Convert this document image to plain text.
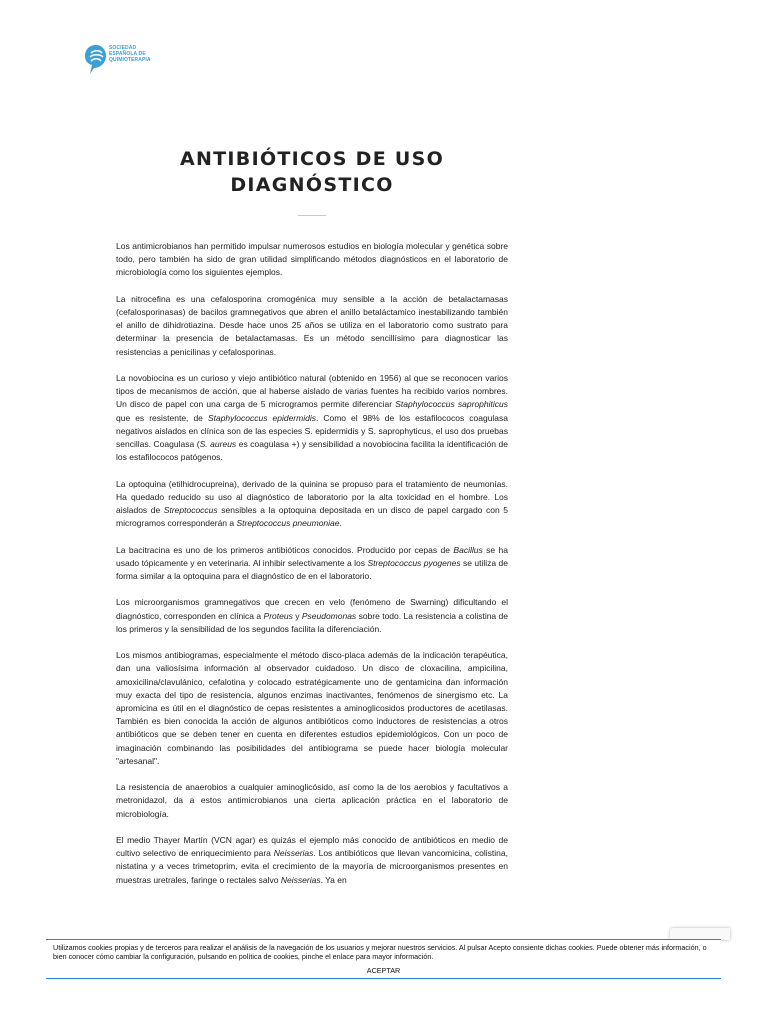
SOCIEDAD
ESPAÑOLA DE
QUIMIOTERAPIA
ANTIBIÓTICOS DE USO
DIAGNÓSTICO

Los antimicrobianos han permitido impulsar numerosos estudios en biología molecular y genética sobre todo, pero también ha sido de gran utilidad simplificando métodos diagnósticos en el laboratorio de microbiología como los siguientes ejemplos.

La nitrocefina es una cefalosporina cromogénica muy sensible a la acción de betalactamasas (cefalosporinasas) de bacilos gramnegativos que abren el anillo betaláctamico inestabilizando también el anillo de dihidrotiazina. Desde hace unos 25 años se utiliza en el laboratorio como sustrato para determinar la presencia de betalactamasas. Es un método sencillísimo para diagnosticar las resistencias a penicilinas y cefalosporinas.

La novobiocina es un curioso y viejo antibiótico natural (obtenido en 1956) al que se reconocen varios tipos de mecanismos de acción, que al haberse aislado de varias fuentes ha recibido varios nombres. Un disco de papel con una carga de 5 microgramos permite diferenciar Staphylococcus saprophiticus que es resistente, de Staphylococcus epidermidis. Como el 98% de los estafilococos coagulasa negativos aislados en clínica son de las especies S. epidermidis y S. saprophyticus, el uso dos pruebas sencillas. Coagulasa (S. aureus es coagulasa +) y sensibilidad a novobiocina facilita la identificación de los estafilococos patógenos.

La optoquina (etilhidrocupreina), derivado de la quinina se propuso para el tratamiento de neumonías. Ha quedado reducido su uso al diagnóstico de laboratorio por la alta toxicidad en el hombre. Los aislados de Streptococcus sensibles a la optoquina depositada en un disco de papel cargado con 5 microgramos corresponderán a Streptococcus pneumoniae.

La bacitracina es uno de los primeros antibióticos conocidos. Producido por cepas de Bacillus se ha usado tópicamente y en veterinaria. Al inhibir selectivamente a los Streptococcus pyogenes se utiliza de forma similar a la optoquina para el diagnóstico de en el laboratorio.

Los microorganismos gramnegativos que crecen en velo (fenómeno de Swarning) dificultando el diagnóstico, corresponden en clínica a Proteus y Pseudomonas sobre todo. La resistencia a colistina de los primeros y la sensibilidad de los segundos facilita la diferenciación.

Los mismos antibiogramas, especialmente el método disco-placa además de la indicación terapéutica, dan una valiosísima información al observador cuidadoso. Un disco de cloxacilina, ampicilina, amoxicilina/clavulánico, cefalotina y colocado estratégicamente uno de gentamicina dan información muy exacta del tipo de resistencia, algunos enzimas inactivantes, fenómenos de sinergismo etc. La apromicina es útil en el diagnóstico de cepas resistentes a aminoglicosidos productores de acetilasas. También es bien conocida la acción de algunos antibióticos como inductores de resistencias a otros antibióticos que se deben tener en cuenta en diferentes estudios epidemiológicos. Con un poco de imaginación combinando las posibilidades del antibiograma se puede hacer biología molecular "artesanal".

La resistencia de anaerobios a cualquier aminoglicósido, así como la de los aerobios y facultativos a metronidazol, da a estos antimicrobianos una cierta aplicación práctica en el laboratorio de microbiología.

El medio Thayer Martín (VCN agar) es quizás el ejemplo más conocido de antibióticos en medio de cultivo selectivo de enriquecimiento para Neisserias. Los antibióticos que llevan vancomicina, colistina, nistatina y a veces trimetoprim, evita el crecimiento de la mayoría de microorganismos presentes en muestras uretrales, faringe o rectales salvo Neisserias. Ya en

Utilizamos cookies propias y de terceros para realizar el análisis de la navegación de los usuarios y mejorar nuestros servicios. Al pulsar Acepto consiente dichas cookies. Puede obtener más información, o bien conocer cómo cambiar la configuración, pulsando en política de cookies, pinche el enlace para mayor información.
ACEPTAR
